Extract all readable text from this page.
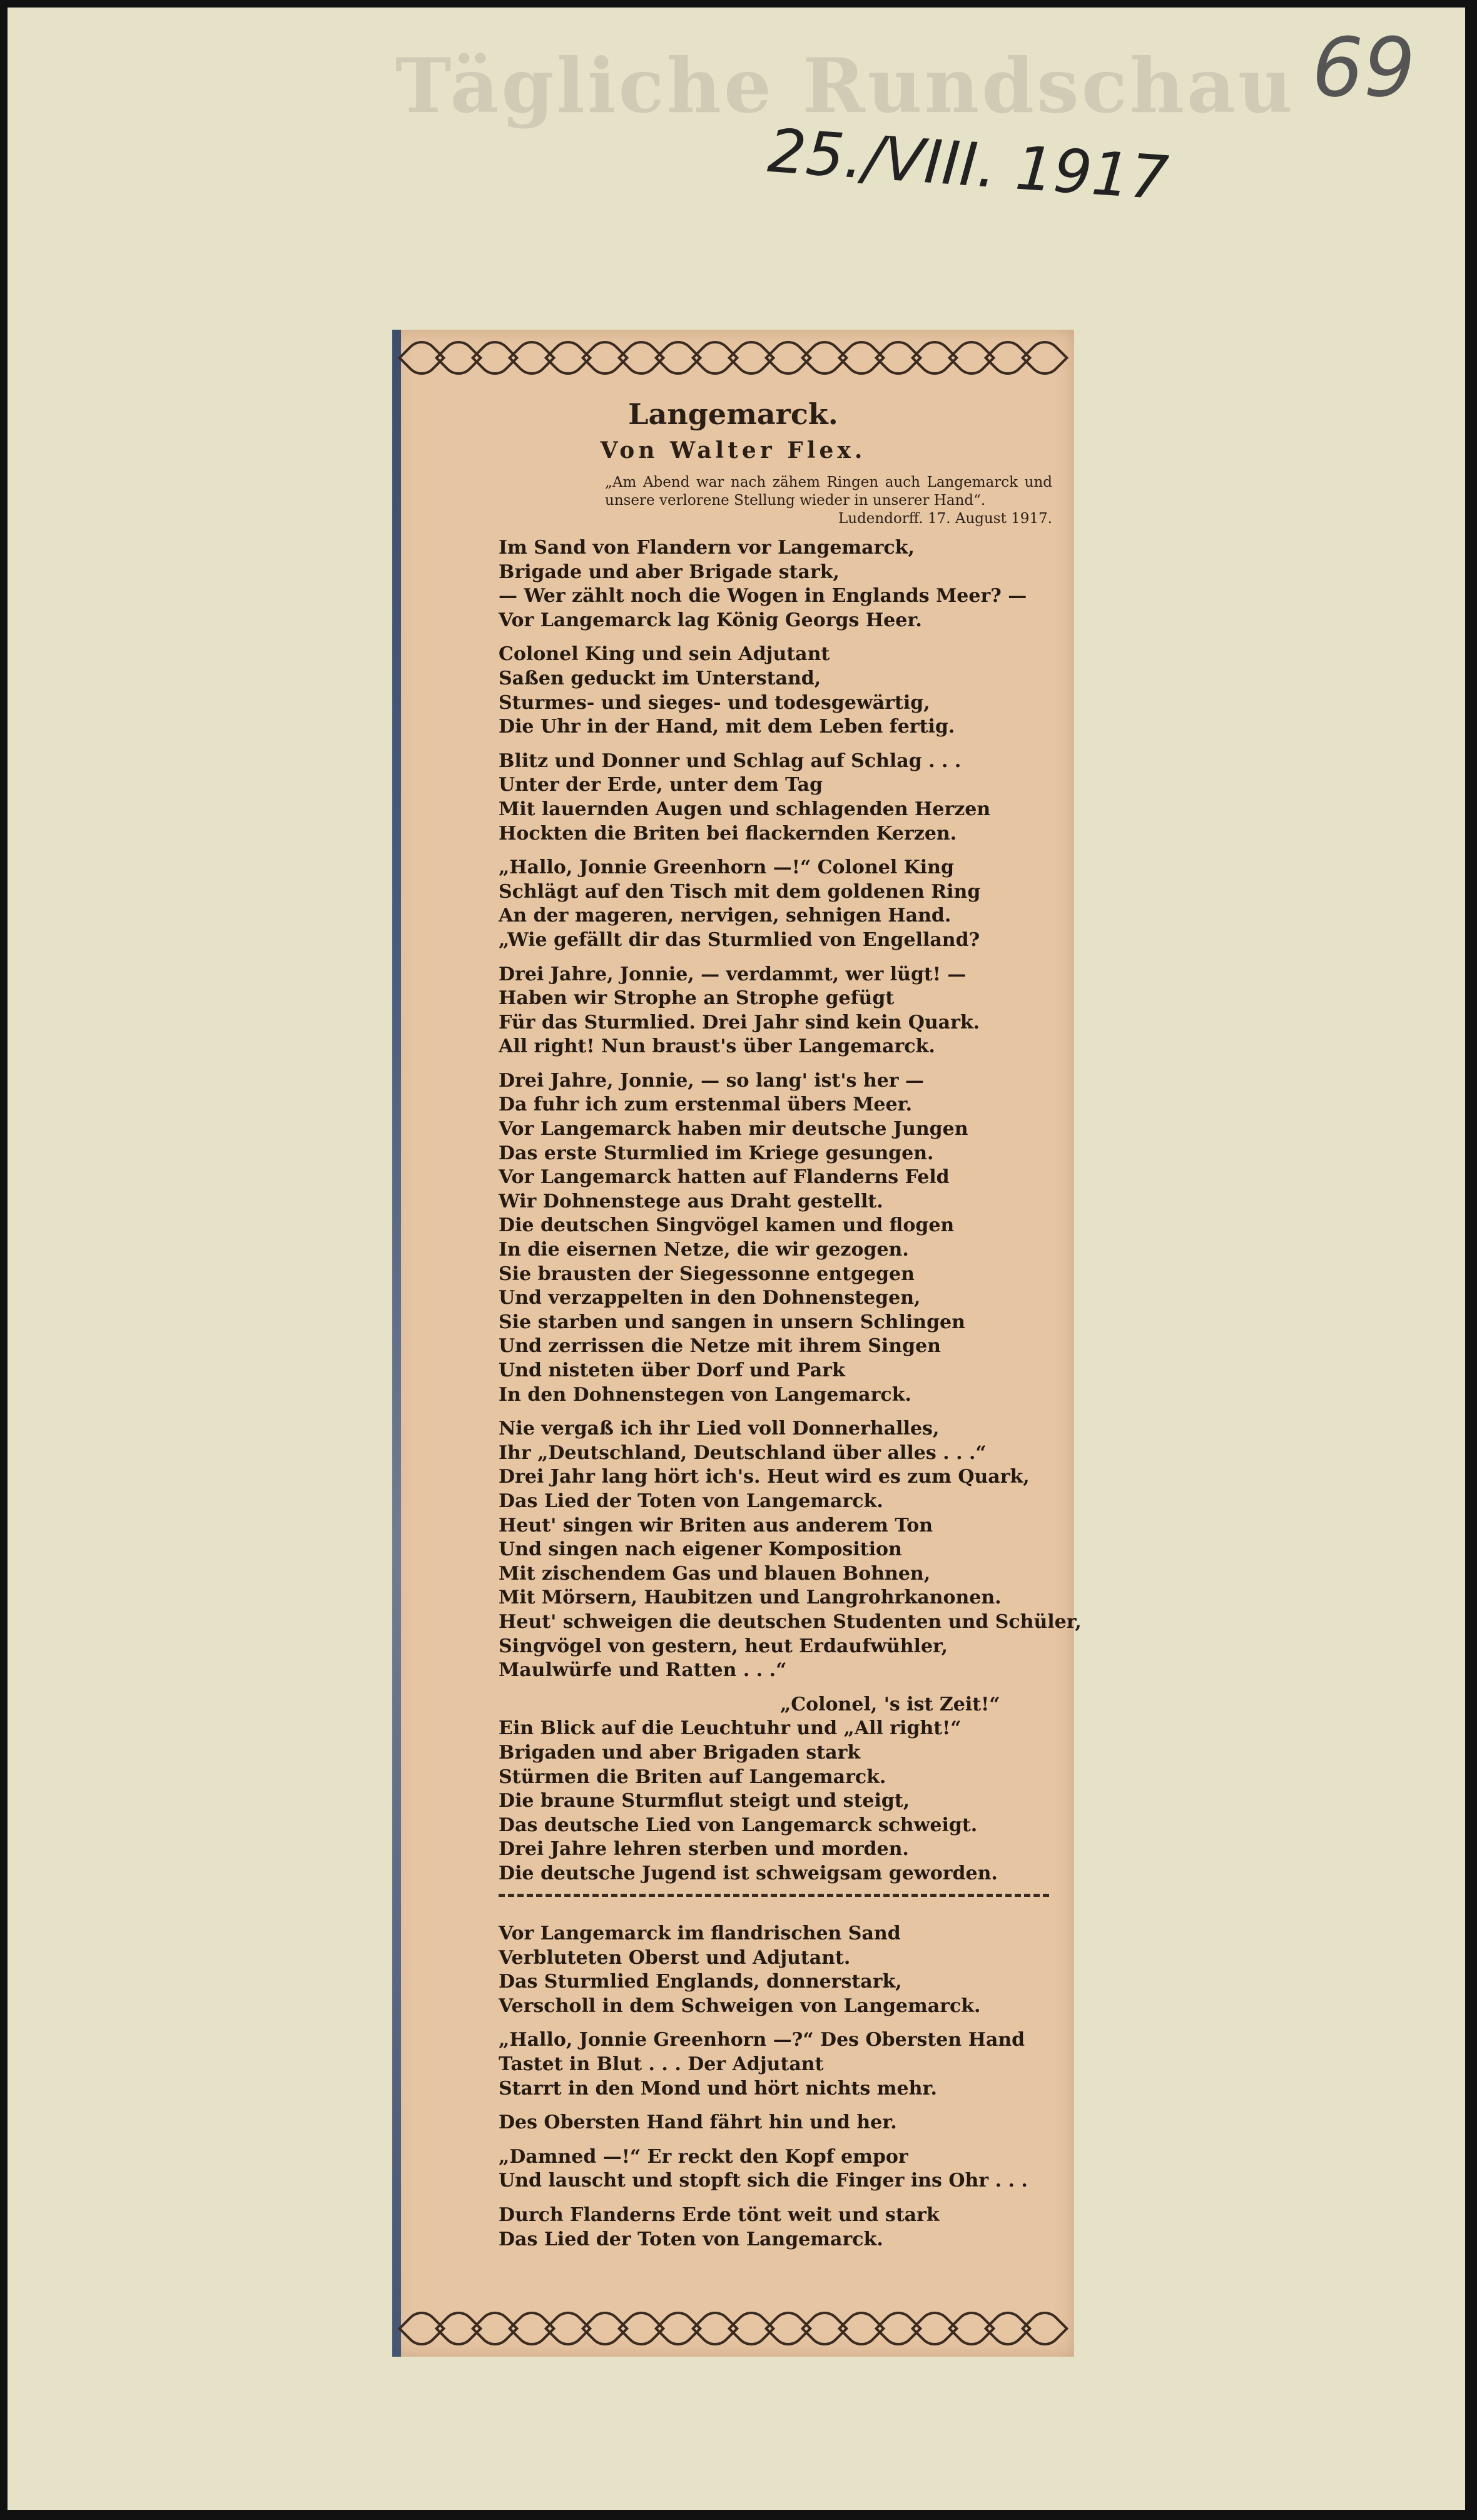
Tägliche Rundschau 69
25./VIII. 1917
Langemarck.
Von Walter Flex.

„Am Abend war nach zähem Ringen auch Langemarck und unsere verlorene Stellung wieder in unserer Hand“.
Ludendorff. 17. August 1917.

Im Sand von Flandern vor Langemarck,
Brigade und aber Brigade stark,
— Wer zählt noch die Wogen in Englands Meer? —
Vor Langemarck lag König Georgs Heer.

Colonel King und sein Adjutant
Saßen geduckt im Unterstand,
Sturmes- und sieges- und todesgewärtig,
Die Uhr in der Hand, mit dem Leben fertig.

Blitz und Donner und Schlag auf Schlag . . .
Unter der Erde, unter dem Tag
Mit lauernden Augen und schlagenden Herzen
Hockten die Briten bei flackernden Kerzen.

„Hallo, Jonnie Greenhorn —!“ Colonel King
Schlägt auf den Tisch mit dem goldenen Ring
An der mageren, nervigen, sehnigen Hand.
„Wie gefällt dir das Sturmlied von Engelland?

Drei Jahre, Jonnie, — verdammt, wer lügt! —
Haben wir Strophe an Strophe gefügt
Für das Sturmlied. Drei Jahr sind kein Quark.
All right! Nun braust's über Langemarck.

Drei Jahre, Jonnie, — so lang' ist's her —
Da fuhr ich zum erstenmal übers Meer.
Vor Langemarck haben mir deutsche Jungen
Das erste Sturmlied im Kriege gesungen.
Vor Langemarck hatten auf Flanderns Feld
Wir Dohnenstege aus Draht gestellt.
Die deutschen Singvögel kamen und flogen
In die eisernen Netze, die wir gezogen.
Sie brausten der Siegessonne entgegen
Und verzappelten in den Dohnenstegen,
Sie starben und sangen in unsern Schlingen
Und zerrissen die Netze mit ihrem Singen
Und nisteten über Dorf und Park
In den Dohnenstegen von Langemarck.

Nie vergaß ich ihr Lied voll Donnerhalles,
Ihr „Deutschland, Deutschland über alles . . .“
Drei Jahr lang hört ich's. Heut wird es zum Quark,
Das Lied der Toten von Langemarck.
Heut' singen wir Briten aus anderem Ton
Und singen nach eigener Komposition
Mit zischendem Gas und blauen Bohnen,
Mit Mörsern, Haubitzen und Langrohrkanonen.
Heut' schweigen die deutschen Studenten und Schüler,
Singvögel von gestern, heut Erdaufwühler,
Maulwürfe und Ratten . . .“

„Colonel, 's ist Zeit!“
Ein Blick auf die Leuchtuhr und „All right!“
Brigaden und aber Brigaden stark
Stürmen die Briten auf Langemarck.
Die braune Sturmflut steigt und steigt,
Das deutsche Lied von Langemarck schweigt.
Drei Jahre lehren sterben und morden.
Die deutsche Jugend ist schweigsam geworden.

Vor Langemarck im flandrischen Sand
Verbluteten Oberst und Adjutant.
Das Sturmlied Englands, donnerstark,
Verscholl in dem Schweigen von Langemarck.

„Hallo, Jonnie Greenhorn —?“ Des Obersten Hand
Tastet in Blut . . . Der Adjutant
Starrt in den Mond und hört nichts mehr.

Des Obersten Hand fährt hin und her.

„Damned —!“ Er reckt den Kopf empor
Und lauscht und stopft sich die Finger ins Ohr . . .

Durch Flanderns Erde tönt weit und stark
Das Lied der Toten von Langemarck.
